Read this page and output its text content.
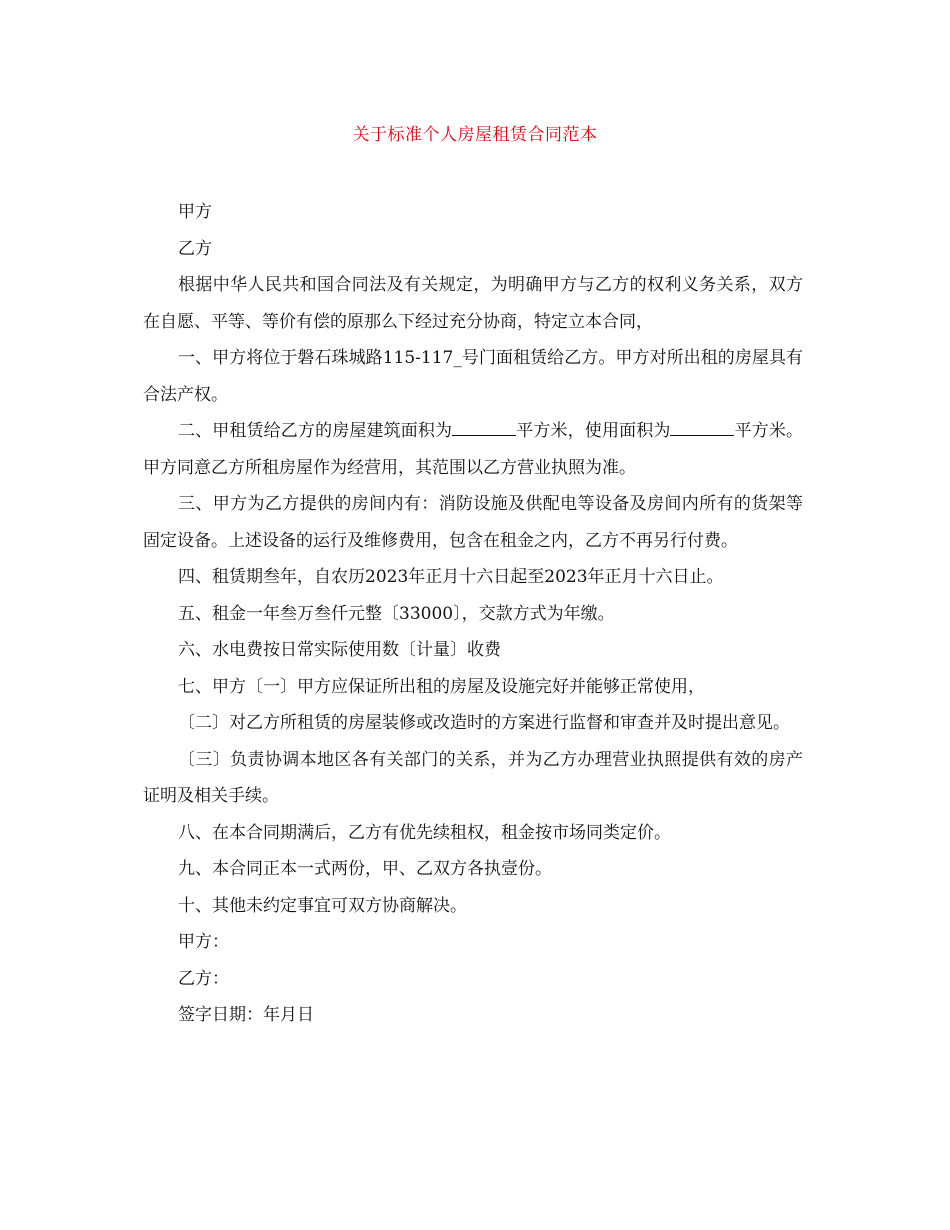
关于标准个人房屋租赁合同范本

甲方

乙方

根据中华人民共和国合同法及有关规定，为明确甲方与乙方的权利义务关系，双方在自愿、平等、等价有偿的原那么下经过充分协商，特定立本合同，

一、甲方将位于磐石珠城路115-117_号门面租赁给乙方。甲方对所出租的房屋具有合法产权。

二、甲租赁给乙方的房屋建筑面积为	平方米，使用面积为	平方米。甲方同意乙方所租房屋作为经营用，其范围以乙方营业执照为准。

三、甲方为乙方提供的房间内有：消防设施及供配电等设备及房间内所有的货架等固定设备。上述设备的运行及维修费用，包含在租金之内，乙方不再另行付费。

四、租赁期叁年，自农历2023年正月十六日起至2023年正月十六日止。

五、租金一年叁万叁仟元整〔33000〕，交款方式为年缴。

六、水电费按日常实际使用数〔计量〕收费

七、甲方〔一〕甲方应保证所出租的房屋及设施完好并能够正常使用，

〔二〕对乙方所租赁的房屋装修或改造时的方案进行监督和审查并及时提出意见。

〔三〕负责协调本地区各有关部门的关系，并为乙方办理营业执照提供有效的房产证明及相关手续。

八、在本合同期满后，乙方有优先续租权，租金按市场同类定价。

九、本合同正本一式两份，甲、乙双方各执壹份。

十、其他未约定事宜可双方协商解决。

甲方：

乙方：

签字日期：年月日
